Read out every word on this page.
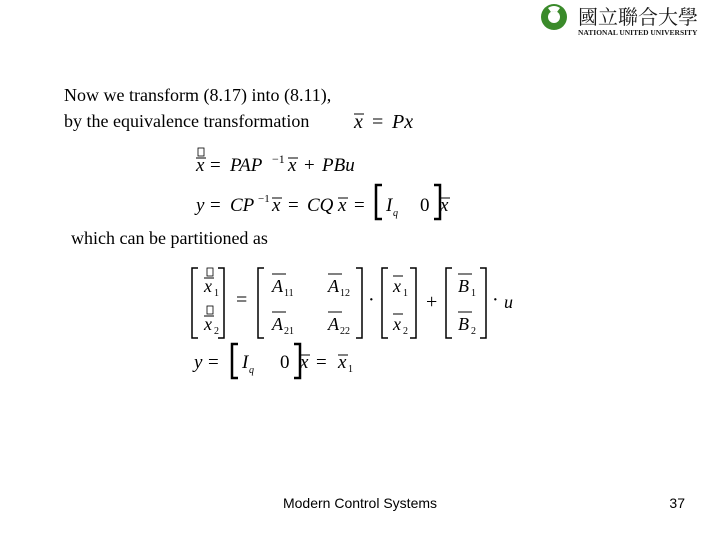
國立聯合大學
NATIONAL UNITED UNIVERSITY
Now we transform (8.17) into (8.11),
by the equivalence transformation x = Px
x = PAP −1 x + PBu
y = CP −1 x = CQ x = I q 0 x
which can be partitioned as
x 1
x 2
=
A 11 A 12
A 21 A 22
·
x 1
x 2
+
B 1
B 2
· u
y = I q 0 x = x 1
Modern Control Systems	37
